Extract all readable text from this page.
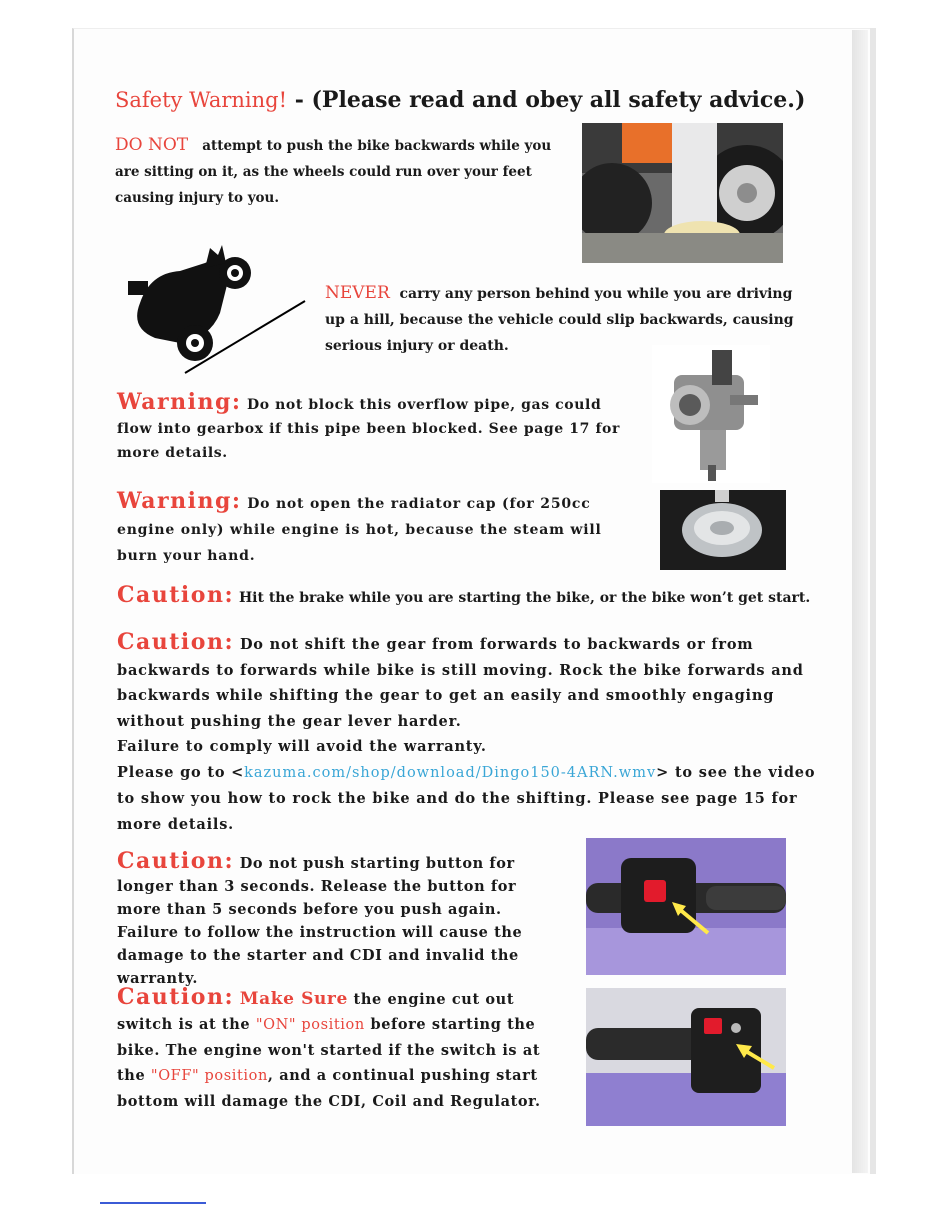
Safety Warning! - (Please read and obey all safety advice.)
DO NOT attempt to push the bike backwards while you are sitting on it, as the wheels could run over your feet causing injury to you.
NEVER carry any person behind you while you are driving up a hill, because the vehicle could slip backwards, causing serious injury or death.
Warning: Do not block this overflow pipe, gas could flow into gearbox if this pipe been blocked. See page 17 for more details.
Warning: Do not open the radiator cap (for 250cc engine only) while engine is hot, because the steam will burn your hand.
Caution: Hit the brake while you are starting the bike, or the bike won’t get start.
Caution: Do not shift the gear from forwards to backwards or from backwards to forwards while bike is still moving. Rock the bike forwards and backwards while shifting the gear to get an easily and smoothly engaging without pushing the gear lever harder.
Failure to comply will avoid the warranty.
Please go to <kazuma.com/shop/download/Dingo150-4ARN.wmv> to see the video to show you how to rock the bike and do the shifting. Please see page 15 for more details.
Caution: Do not push starting button for longer than 3 seconds. Release the button for more than 5 seconds before you push again. Failure to follow the instruction will cause the damage to the starter and CDI and invalid the warranty.
Caution: Make Sure the engine cut out switch is at the "ON" position before starting the bike. The engine won't started if the switch is at the "OFF" position, and a continual pushing start bottom will damage the CDI, Coil and Regulator.
